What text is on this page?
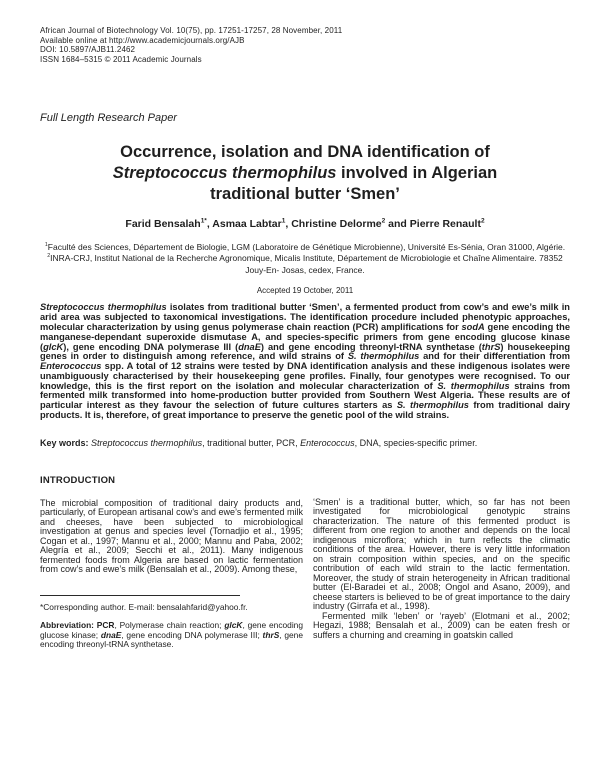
African Journal of Biotechnology Vol. 10(75), pp. 17251-17257, 28 November, 2011
Available online at http://www.academicjournals.org/AJB
DOI: 10.5897/AJB11.2462
ISSN 1684–5315 © 2011 Academic Journals
Full Length Research Paper
Occurrence, isolation and DNA identification of
Streptococcus thermophilus involved in Algerian
traditional butter ‘Smen’
Farid Bensalah$^{1*}$, Asmaa Labtar$^1$, Christine Delorme$^2$ and Pierre Renault$^2$
$^1$Faculté des Sciences, Département de Biologie, LGM (Laboratoire de Génétique Microbienne), Université Es-Sénia, Oran 31000, Algérie.
$^2$INRA-CRJ, Institut National de la Recherche Agronomique, Micalis Institute, Département de Microbiologie et Chaîne Alimentaire. 78352 Jouy-En- Josas, cedex, France.
Accepted 19 October, 2011

Streptococcus thermophilus isolates from traditional butter ‘Smen’, a fermented product from cow’s and ewe’s milk in arid area was subjected to taxonomical investigations. The identification procedure included phenotypic approaches, molecular characterization by using genus polymerase chain reaction (PCR) amplifications for sodA gene encoding the manganese-dependant superoxide dismutase A, and species-specific primers from gene encoding glucose kinase (glcK), gene encoding DNA polymerase III (dnaE) and gene encoding threonyl-tRNA synthetase (thrS) housekeeping genes in order to distinguish among reference, and wild strains of S. thermophilus and for their differentiation from Enterococcus spp. A total of 12 strains were tested by DNA identification analysis and these indigenous isolates were unambiguously characterised by their housekeeping gene profiles. Finally, four genotypes were recognised. To our knowledge, this is the first report on the isolation and molecular characterization of S. thermophilus strains from fermented milk transformed into home-production butter provided from Southern West Algeria. These results are of particular interest as they favour the selection of future cultures starters as S. thermophilus from traditional dairy products. It is, therefore, of great importance to preserve the genetic pool of the wild strains.

Key words: Streptococcus thermophilus, traditional butter, PCR, Enterococcus, DNA, species-specific primer.

INTRODUCTION

The microbial composition of traditional dairy products and, particularly, of European artisanal cow’s and ewe’s fermented milk and cheeses, have been subjected to microbiological investigation at genus and species level (Tornadjio et al., 1995; Cogan et al., 1997; Mannu et al., 2000; Mannu and Paba, 2002; Alegría et al., 2009; Secchi et al., 2011). Many indigenous fermented foods from Algeria are based on lactic fermentation from cow’s and ewe’s milk (Bensalah et al., 2009). Among these,

*Corresponding author. E-mail: bensalahfarid@yahoo.fr.

Abbreviation: PCR, Polymerase chain reaction; glcK, gene encoding glucose kinase; dnaE, gene encoding DNA polymerase III; thrS, gene encoding threonyl-tRNA synthetase.

‘Smen’ is a traditional butter, which, so far has not been investigated for microbiological genotypic strains characterization. The nature of this fermented product is different from one region to another and depends on the local indigenous microflora; which in turn reflects the climatic conditions of the area. However, there is very little information on strain composition within species, and on the specific contribution of each wild strain to the lactic fermentation. Moreover, the study of strain heterogeneity in African traditional butter (El-Baradei et al., 2008; Ongol and Asano, 2009), and cheese starters is believed to be of great importance to the dairy industry (Girrafa et al., 1998).

Fermented milk ‘leben’ or ‘rayeb’ (Elotmani et al., 2002; Hegazi, 1988; Bensalah et al., 2009) can be eaten fresh or suffers a churning and creaming in goatskin called
